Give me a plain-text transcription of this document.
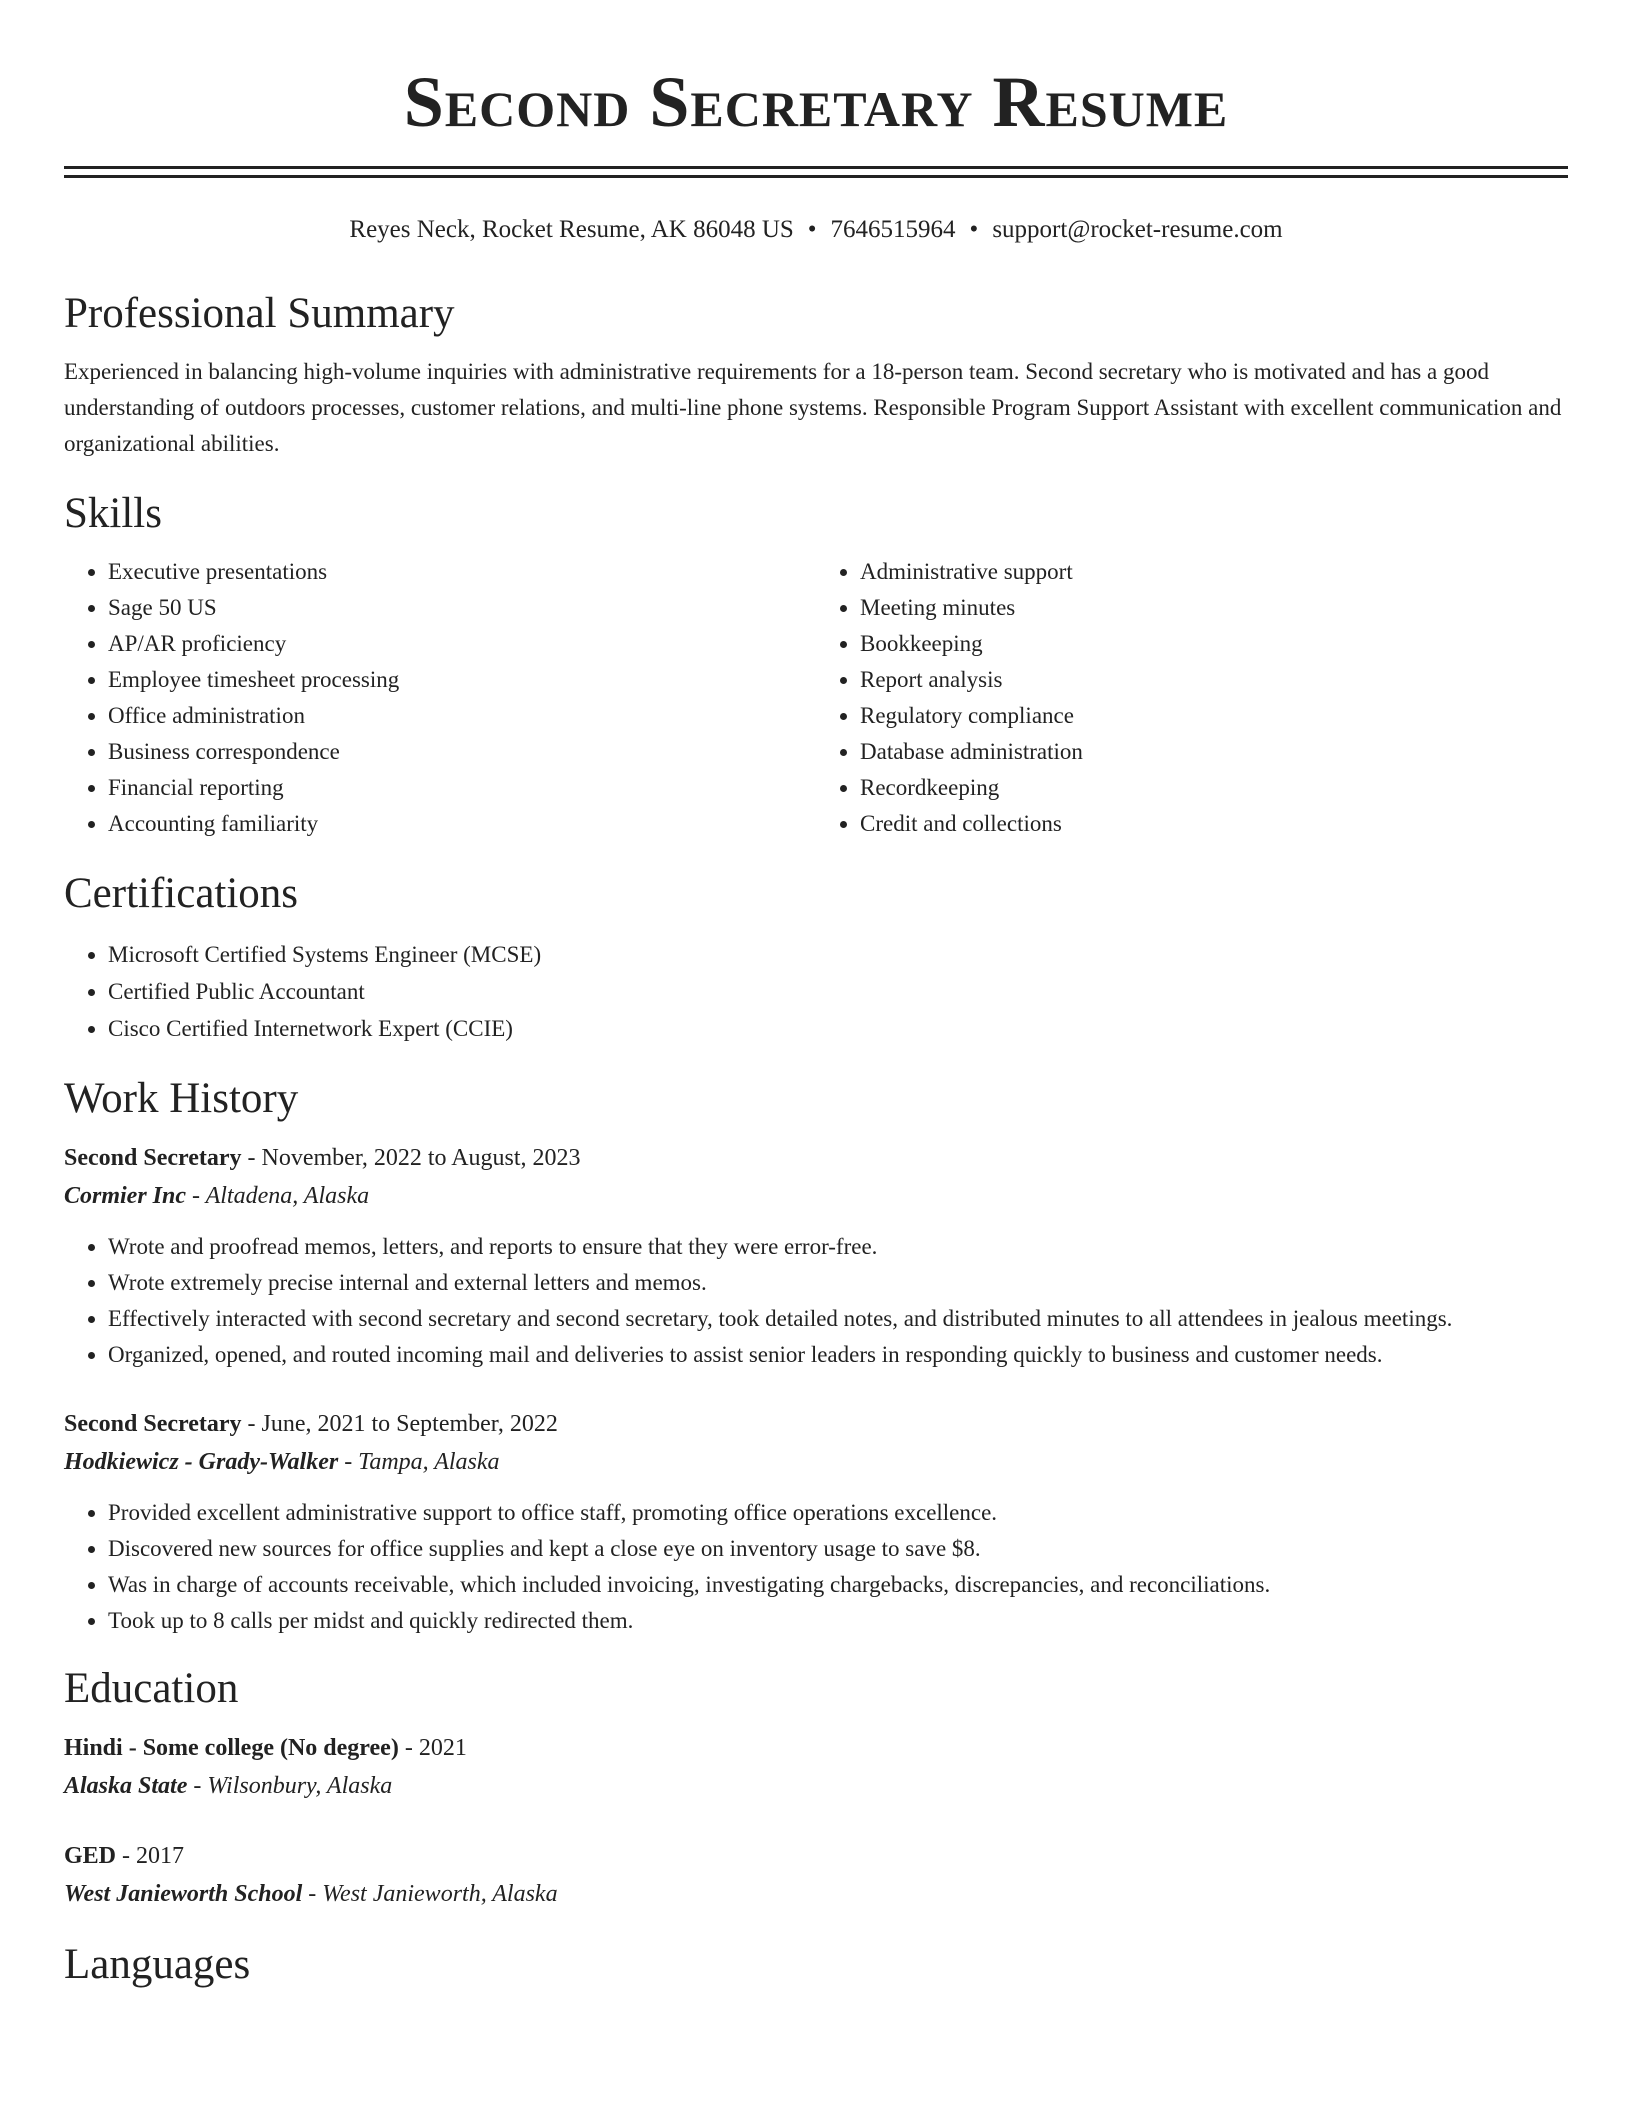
Second Secretary Resume
Reyes Neck, Rocket Resume, AK 86048 US • 7646515964 • support@rocket-resume.com
Professional Summary

Experienced in balancing high-volume inquiries with administrative requirements for a 18-person team. Second secretary who is motivated and has a good understanding of outdoors processes, customer relations, and multi-line phone systems. Responsible Program Support Assistant with excellent communication and organizational abilities.

Skills
• Executive presentations
• Sage 50 US
• AP/AR proficiency
• Employee timesheet processing
• Office administration
• Business correspondence
• Financial reporting
• Accounting familiarity
• Administrative support
• Meeting minutes
• Bookkeeping
• Report analysis
• Regulatory compliance
• Database administration
• Recordkeeping
• Credit and collections
Certifications
• Microsoft Certified Systems Engineer (MCSE)
• Certified Public Accountant
• Cisco Certified Internetwork Expert (CCIE)
Work History
Second Secretary - November, 2022 to August, 2023
Cormier Inc - Altadena, Alaska
• Wrote and proofread memos, letters, and reports to ensure that they were error-free.
• Wrote extremely precise internal and external letters and memos.
• Effectively interacted with second secretary and second secretary, took detailed notes, and distributed minutes to all attendees in jealous meetings.
• Organized, opened, and routed incoming mail and deliveries to assist senior leaders in responding quickly to business and customer needs.
Second Secretary - June, 2021 to September, 2022
Hodkiewicz - Grady-Walker - Tampa, Alaska
• Provided excellent administrative support to office staff, promoting office operations excellence.
• Discovered new sources for office supplies and kept a close eye on inventory usage to save $8.
• Was in charge of accounts receivable, which included invoicing, investigating chargebacks, discrepancies, and reconciliations.
• Took up to 8 calls per midst and quickly redirected them.
Education
Hindi - Some college (No degree) - 2021
Alaska State - Wilsonbury, Alaska
GED - 2017
West Janieworth School - West Janieworth, Alaska
Languages
